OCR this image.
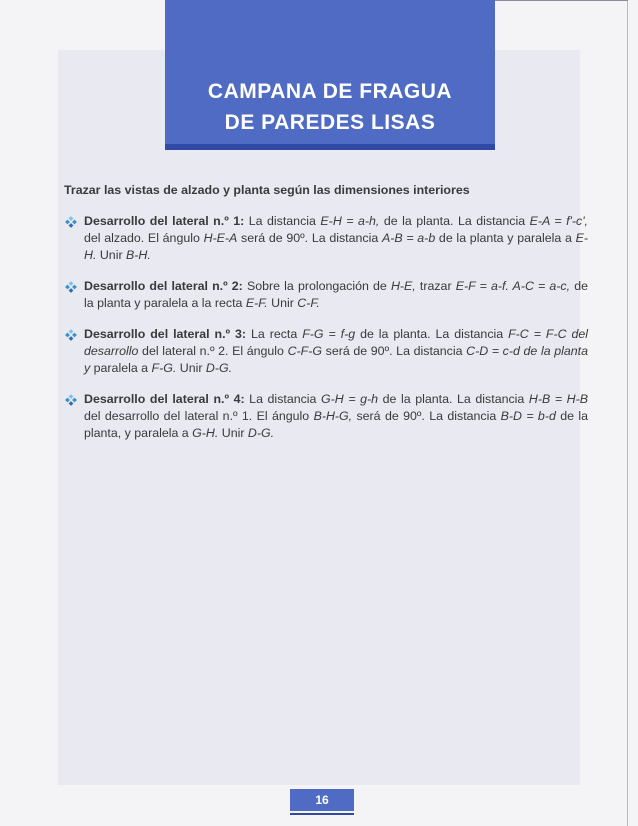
CAMPANA DE FRAGUA
DE PAREDES LISAS

Trazar las vistas de alzado y planta según las dimensiones interiores

Desarrollo del lateral n.º 1: La distancia E-H = a-h, de la planta. La distancia E-A = f'-c', del alzado. El ángulo H-E-A será de 90º. La distancia A-B = a-b de la planta y paralela a E-H. Unir B-H.
Desarrollo del lateral n.º 2: Sobre la prolongación de H-E, trazar E-F = a-f. A-C = a-c, de la planta y paralela a la recta E-F. Unir C-F.
Desarrollo del lateral n.º 3: La recta F-G = f-g de la planta. La distancia F-C = F-C del desarrollo del lateral n.º 2. El ángulo C-F-G será de 90º. La distancia C-D = c-d de la planta y paralela a F-G. Unir D-G.
Desarrollo del lateral n.º 4: La distancia G-H = g-h de la planta. La distancia H-B = H-B del desarrollo del lateral n.º 1. El ángulo B-H-G, será de 90º. La distancia B-D = b-d de la planta, y paralela a G-H. Unir D-G.
16
